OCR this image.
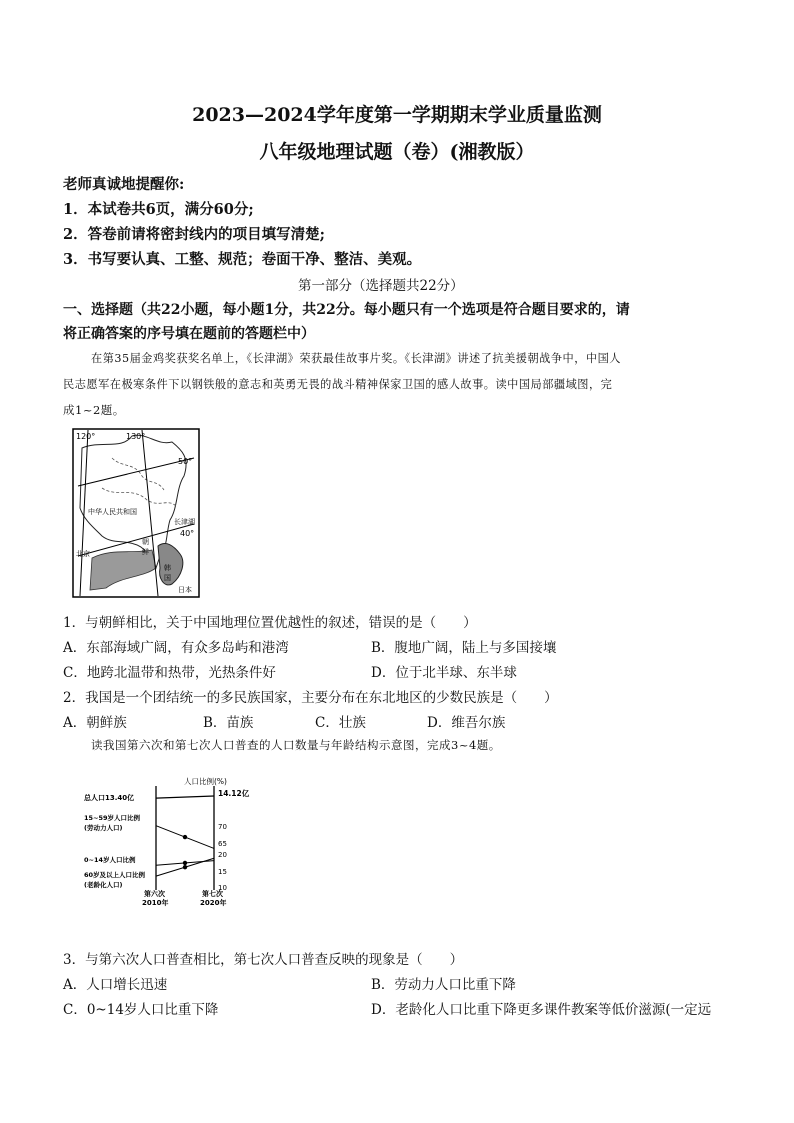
2023—2024学年度第一学期期末学业质量监测
八年级地理试题（卷）(湘教版）
老师真诚地提醒你:
1．本试卷共6页，满分60分;
2．答卷前请将密封线内的项目填写清楚;
3．书写要认真、工整、规范；卷面干净、整洁、美观。
第一部分（选择题共22分）
一、选择题（共22小题，每小题1分，共22分。每小题只有一个选项是符合题目要求的，请
将正确答案的序号填在题前的答题栏中）
在第35届金鸡奖获奖名单上，《长津湖》荣获最佳故事片奖。《长津湖》讲述了抗美援朝战争中，中国人
民志愿军在极寒条件下以钢铁般的意志和英勇无畏的战斗精神保家卫国的感人故事。读中国局部疆域图，完
成1~2题。
120°	130°
50°
40°
中华人民共和国
长津湖
朝
鲜
北京
韩
国
日本
1．与朝鲜相比，关于中国地理位置优越性的叙述，错误的是（　　）
A．东部海域广阔，有众多岛屿和港湾	B．腹地广阔，陆上与多国接壤
C．地跨北温带和热带，光热条件好	D．位于北半球、东半球
2．我国是一个团结统一的多民族国家，主要分布在东北地区的少数民族是（　　）
A．朝鲜族	B．苗族	C．壮族	D．维吾尔族
读我国第六次和第七次人口普查的人口数量与年龄结构示意图，完成3~4题。
人口比例(%)
总人口13.40亿	14.12亿
15~59岁人口比例
(劳动力人口)
0~14岁人口比例
60岁及以上人口比例
(老龄化人口)
70
65
20
15
10
第六次
2010年
第七次
2020年
3．与第六次人口普查相比，第七次人口普查反映的现象是（　　）
A．人口增长迅速	B．劳动力人口比重下降
C．0~14岁人口比重下降	D．老龄化人口比重下降更多课件教案等低价滋源(一定远
